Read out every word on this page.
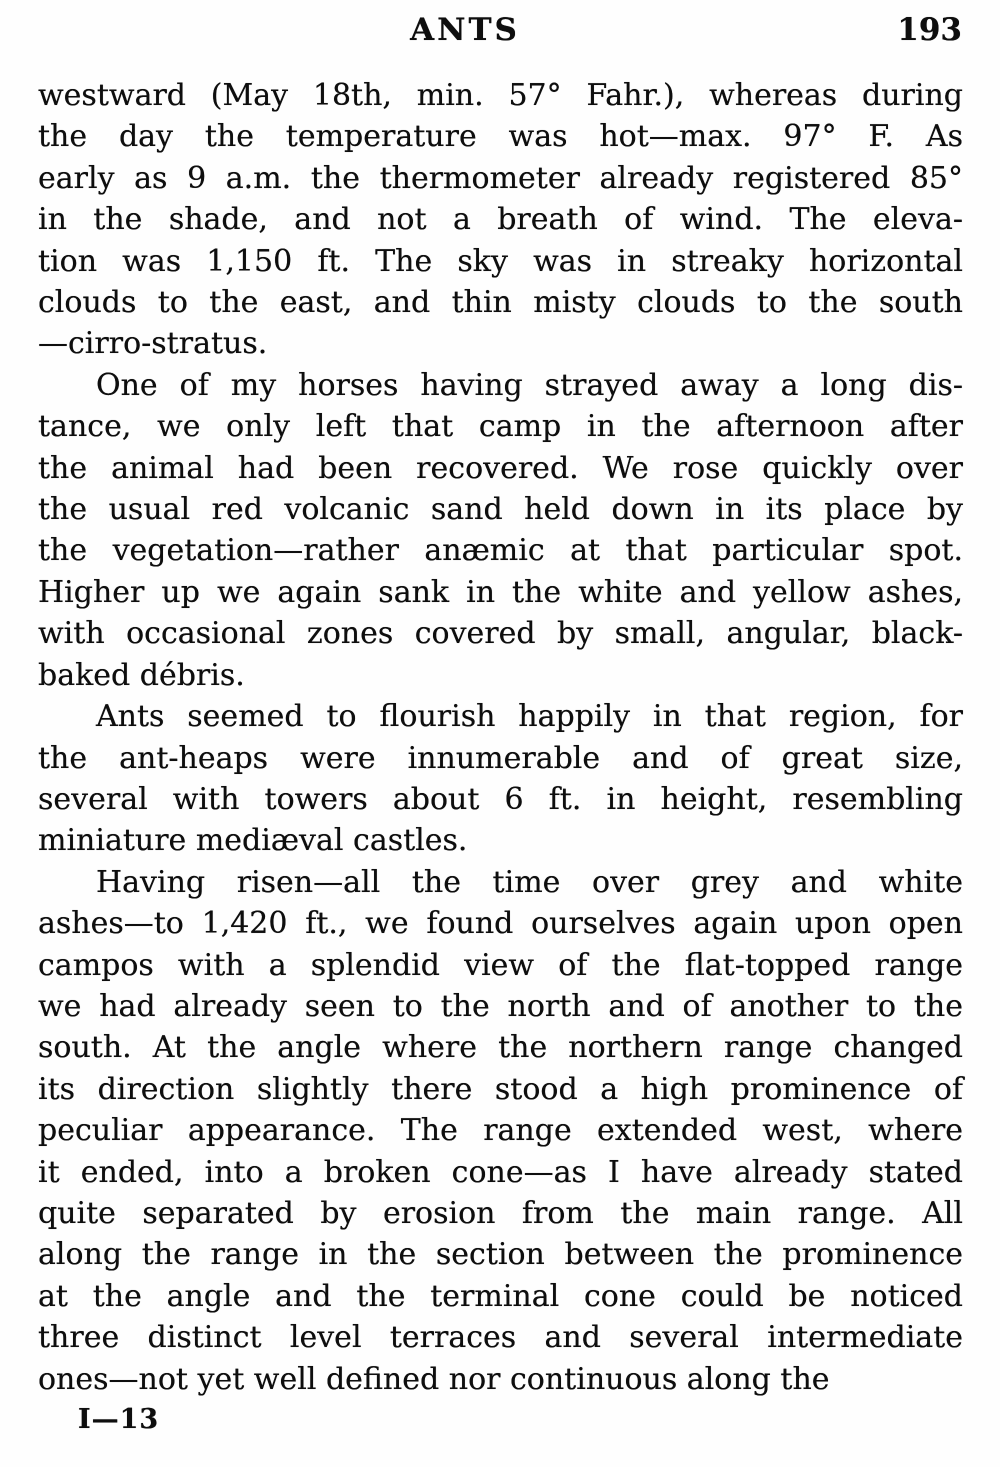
ANTS	193
westward (May 18th, min. 57° Fahr.), whereas during
the day the temperature was hot—max. 97° F. As
early as 9 a.m. the thermometer already registered 85°
in the shade, and not a breath of wind. The eleva-
tion was 1,150 ft. The sky was in streaky horizontal
clouds to the east, and thin misty clouds to the south
—cirro-stratus.
One of my horses having strayed away a long dis-
tance, we only left that camp in the afternoon after
the animal had been recovered. We rose quickly over
the usual red volcanic sand held down in its place by
the vegetation—rather anæmic at that particular spot.
Higher up we again sank in the white and yellow ashes,
with occasional zones covered by small, angular, black-
baked débris.
Ants seemed to flourish happily in that region, for
the ant-heaps were innumerable and of great size,
several with towers about 6 ft. in height, resembling
miniature mediæval castles.
Having risen—all the time over grey and white
ashes—to 1,420 ft., we found ourselves again upon open
campos with a splendid view of the flat-topped range
we had already seen to the north and of another to the
south. At the angle where the northern range changed
its direction slightly there stood a high prominence of
peculiar appearance. The range extended west, where
it ended, into a broken cone—as I have already stated
quite separated by erosion from the main range. All
along the range in the section between the prominence
at the angle and the terminal cone could be noticed
three distinct level terraces and several intermediate
ones—not yet well defined nor continuous along the
I—13
